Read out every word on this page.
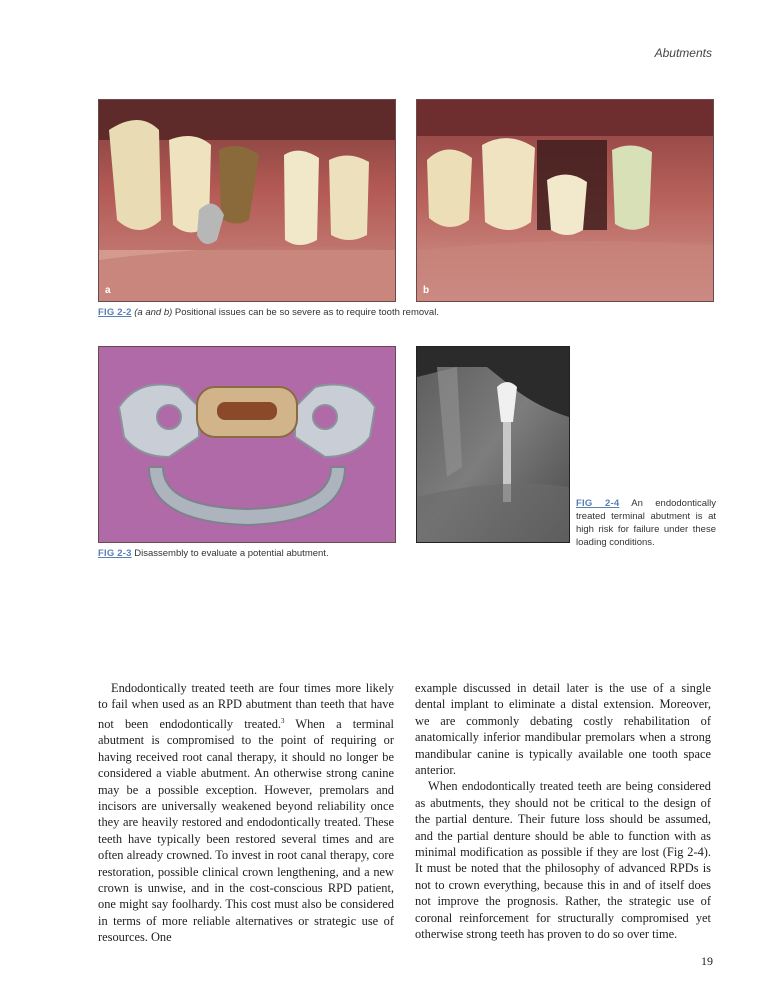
Abutments
a	b
FIG 2-2 (a and b) Positional issues can be so severe as to require tooth removal.
FIG 2-3 Disassembly to evaluate a potential abutment.
FIG 2-4 An endodontically treated terminal abutment is at high risk for failure under these loading conditions.

Endodontically treated teeth are four times more likely to fail when used as an RPD abutment than teeth that have not been endodontically treated.$^3$ When a terminal abutment is compromised to the point of requiring or having received root canal therapy, it should no longer be considered a viable abutment. An otherwise strong canine may be a possible exception. However, premolars and incisors are universally weakened beyond reliability once they are heavily restored and endodontically treated. These teeth have typically been restored several times and are often already crowned. To invest in root canal therapy, core restoration, possible clinical crown lengthening, and a new crown is unwise, and in the cost-conscious RPD patient, one might say foolhardy. This cost must also be considered in terms of more reliable alternatives or strategic use of resources. One

example discussed in detail later is the use of a single dental implant to eliminate a distal extension. Moreover, we are commonly debating costly rehabilitation of anatomically inferior mandibular premolars when a strong mandibular canine is typically available one tooth space anterior.

When endodontically treated teeth are being considered as abutments, they should not be critical to the design of the partial denture. Their future loss should be assumed, and the partial denture should be able to function with as minimal modification as possible if they are lost (Fig 2-4). It must be noted that the philosophy of advanced RPDs is not to crown everything, because this in and of itself does not improve the prognosis. Rather, the strategic use of coronal reinforcement for structurally compromised yet otherwise strong teeth has proven to do so over time.

19
